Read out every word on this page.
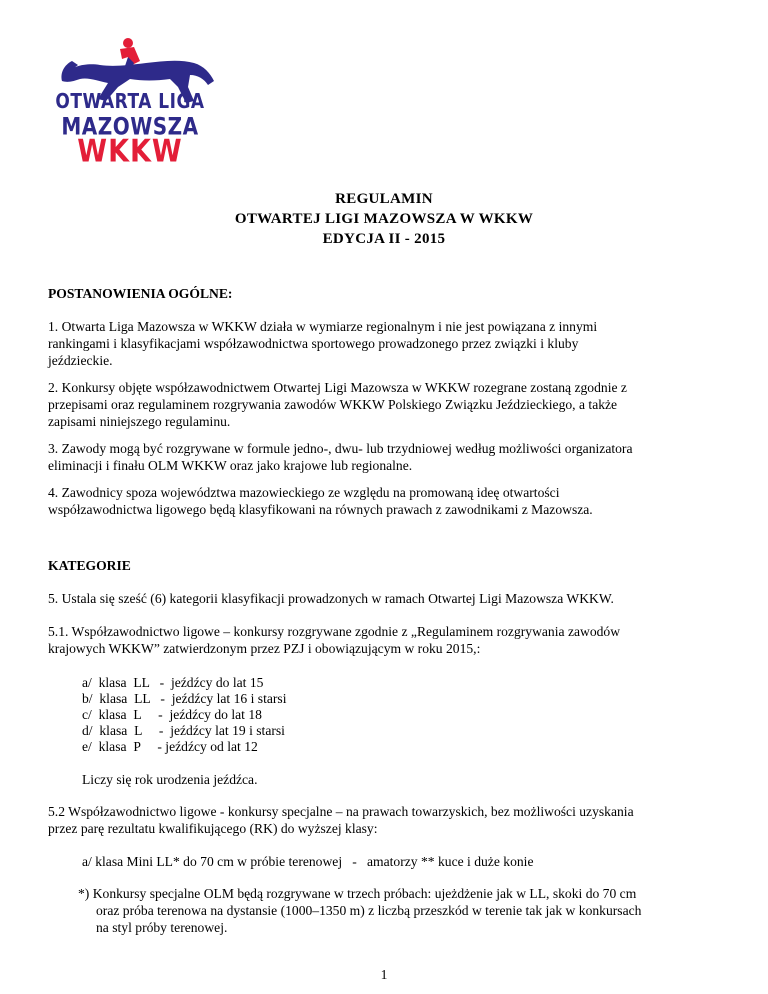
OTWARTA LIGA
MAZOWSZA
WKKW
REGULAMIN
OTWARTEJ LIGI MAZOWSZA W WKKW
EDYCJA II - 2015
POSTANOWIENIA OGÓLNE:
1. Otwarta Liga Mazowsza w WKKW działa w wymiarze regionalnym i nie jest powiązana z innymi
rankingami i klasyfikacjami współzawodnictwa sportowego prowadzonego przez związki i kluby
jeździeckie.
2. Konkursy objęte współzawodnictwem Otwartej Ligi Mazowsza w WKKW rozegrane zostaną zgodnie z
przepisami oraz regulaminem rozgrywania zawodów WKKW Polskiego Związku Jeździeckiego, a także
zapisami niniejszego regulaminu.
3. Zawody mogą być rozgrywane w formule jedno-, dwu- lub trzydniowej według możliwości organizatora
eliminacji i finału OLM WKKW oraz jako krajowe lub regionalne.
4. Zawodnicy spoza województwa mazowieckiego ze względu na promowaną ideę otwartości
współzawodnictwa ligowego będą klasyfikowani na równych prawach z zawodnikami z Mazowsza.
KATEGORIE
5. Ustala się sześć (6) kategorii klasyfikacji prowadzonych w ramach Otwartej Ligi Mazowsza WKKW.
5.1. Współzawodnictwo ligowe – konkursy rozgrywane zgodnie z „Regulaminem rozgrywania zawodów
krajowych WKKW” zatwierdzonym przez PZJ i obowiązującym w roku 2015,:
a/  klasa  LL   -  jeźdźcy do lat 15
b/  klasa  LL   -  jeźdźcy lat 16 i starsi
c/  klasa  L     -  jeźdźcy do lat 18
d/  klasa  L     -  jeźdźcy lat 19 i starsi
e/  klasa  P     - jeźdźcy od lat 12
Liczy się rok urodzenia jeźdźca.
5.2 Współzawodnictwo ligowe - konkursy specjalne – na prawach towarzyskich, bez możliwości uzyskania
przez parę rezultatu kwalifikującego (RK) do wyższej klasy:
a/ klasa Mini LL* do 70 cm w próbie terenowej   -   amatorzy ** kuce i duże konie
*) Konkursy specjalne OLM będą rozgrywane w trzech próbach: ujeżdżenie jak w LL, skoki do 70 cm
oraz próba terenowa na dystansie (1000–1350 m) z liczbą przeszkód w terenie tak jak w konkursach
na styl próby terenowej.
1
